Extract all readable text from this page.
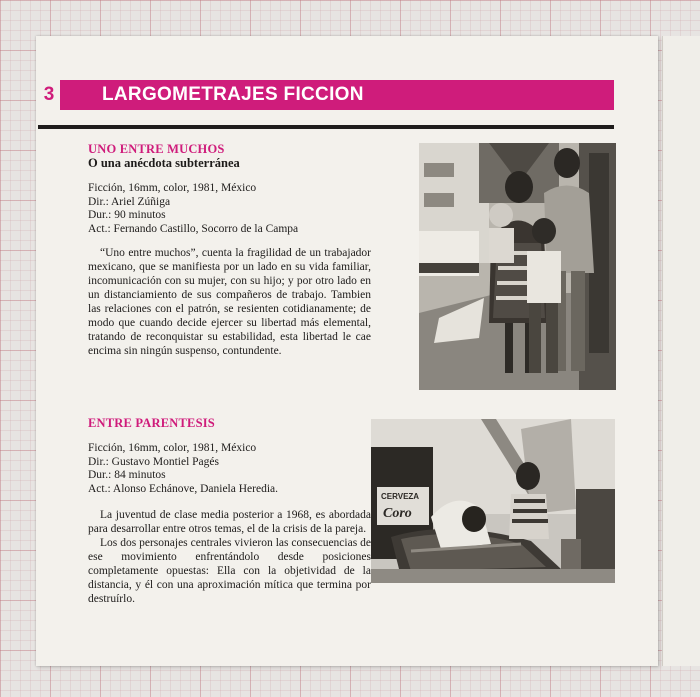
3	LARGOMETRAJES FICCION
UNO ENTRE MUCHOS
O una anécdota subterránea
Ficción, 16mm, color, 1981, México
Dir.: Ariel Zúñiga
Dur.: 90 minutos
Act.: Fernando Castillo, Socorro de la Campa

“Uno entre muchos”, cuenta la fragilidad de un trabajador mexicano, que se manifiesta por un lado en su vida familiar, incomunicación con su mujer, con su hijo; y por otro lado en un distanciamiento de sus compañeros de trabajo. Tambien las relaciones con el patrón, se resienten cotidianamente; de modo que cuando decide ejercer su libertad más elemental, tratando de reconquistar su estabilidad, esta libertad le cae encima sin ningún suspenso, contundente.

ENTRE PARENTESIS
Ficción, 16mm, color, 1981, México
Dir.: Gustavo Montiel Pagés
Dur.: 84 minutos
Act.: Alonso Echánove, Daniela Heredia.

La juventud de clase media posterior a 1968, es abordada para desarrollar entre otros temas, el de la crisis de la pareja.

Los dos personajes centrales vivieron las consecuencias de ese movimiento enfrentándolo desde posiciones completamente opuestas: Ella con la objetividad de la distancia, y él con una aproximación mítica que termina por destruírlo.

CERVEZA
Coro
